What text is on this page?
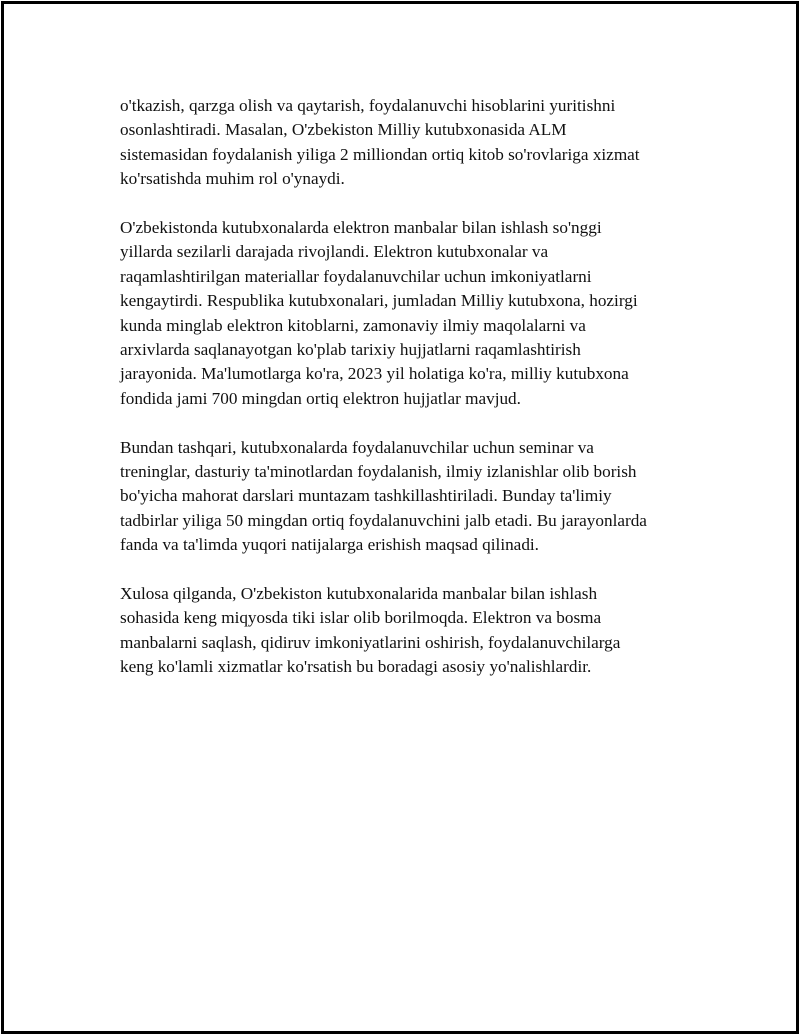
o'tkazish, qarzga olish va qaytarish, foydalanuvchi hisoblarini yuritishni
osonlashtiradi. Masalan, O'zbekiston Milliy kutubxonasida ALM
sistemasidan foydalanish yiliga 2 milliondan ortiq kitob so'rovlariga xizmat
ko'rsatishda muhim rol o'ynaydi.

O'zbekistonda kutubxonalarda elektron manbalar bilan ishlash so'nggi
yillarda sezilarli darajada rivojlandi. Elektron kutubxonalar va
raqamlashtirilgan materiallar foydalanuvchilar uchun imkoniyatlarni
kengaytirdi. Respublika kutubxonalari, jumladan Milliy kutubxona, hozirgi
kunda minglab elektron kitoblarni, zamonaviy ilmiy maqolalarni va
arxivlarda saqlanayotgan ko'plab tarixiy hujjatlarni raqamlashtirish
jarayonida. Ma'lumotlarga ko'ra, 2023 yil holatiga ko'ra, milliy kutubxona
fondida jami 700 mingdan ortiq elektron hujjatlar mavjud.

Bundan tashqari, kutubxonalarda foydalanuvchilar uchun seminar va
treninglar, dasturiy ta'minotlardan foydalanish, ilmiy izlanishlar olib borish
bo'yicha mahorat darslari muntazam tashkillashtiriladi. Bunday ta'limiy
tadbirlar yiliga 50 mingdan ortiq foydalanuvchini jalb etadi. Bu jarayonlarda
fanda va ta'limda yuqori natijalarga erishish maqsad qilinadi.

Xulosa qilganda, O'zbekiston kutubxonalarida manbalar bilan ishlash
sohasida keng miqyosda tiki islar olib borilmoqda. Elektron va bosma
manbalarni saqlash, qidiruv imkoniyatlarini oshirish, foydalanuvchilarga
keng ko'lamli xizmatlar ko'rsatish bu boradagi asosiy yo'nalishlardir.
